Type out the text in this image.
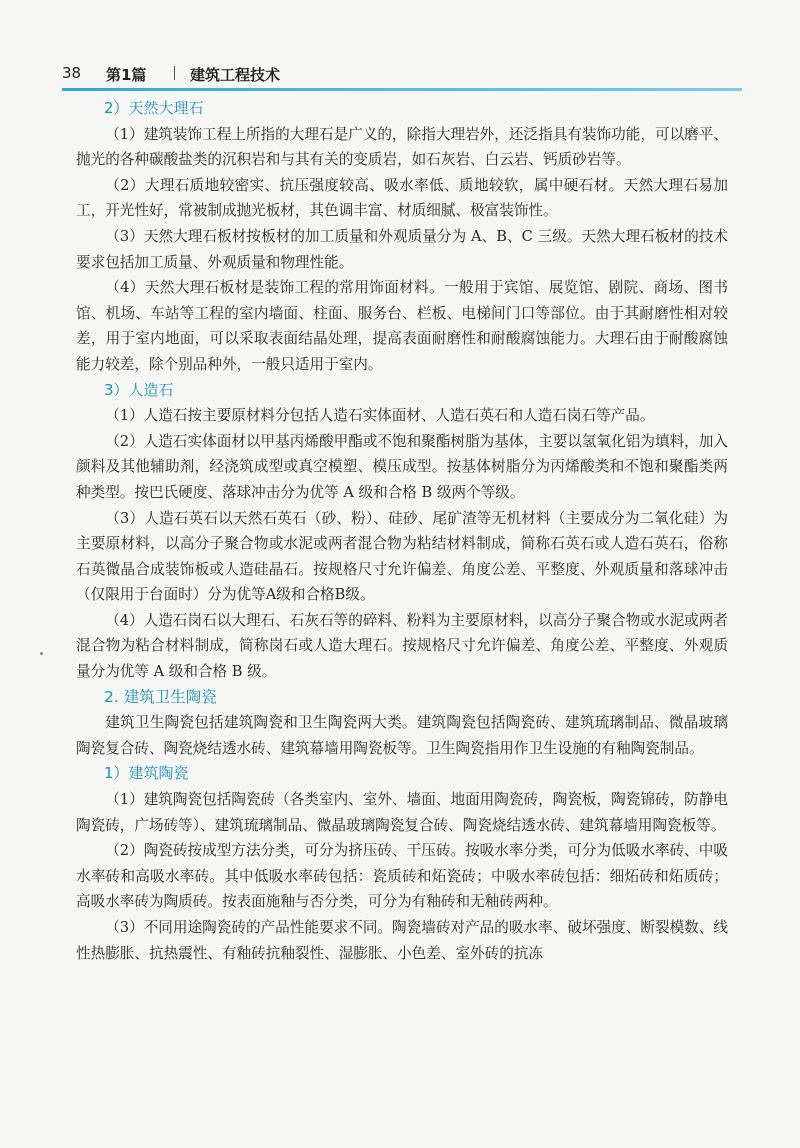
38 第1篇	建筑工程技术
2）天然大理石

（1）建筑装饰工程上所指的大理石是广义的，除指大理岩外，还泛指具有装饰功能，可以磨平、抛光的各种碳酸盐类的沉积岩和与其有关的变质岩，如石灰岩、白云岩、钙质砂岩等。

（2）大理石质地较密实、抗压强度较高、吸水率低、质地较软，属中硬石材。天然大理石易加工，开光性好，常被制成抛光板材，其色调丰富、材质细腻、极富装饰性。

（3）天然大理石板材按板材的加工质量和外观质量分为 A、B、C 三级。天然大理石板材的技术要求包括加工质量、外观质量和物理性能。

（4）天然大理石板材是装饰工程的常用饰面材料。一般用于宾馆、展览馆、剧院、商场、图书馆、机场、车站等工程的室内墙面、柱面、服务台、栏板、电梯间门口等部位。由于其耐磨性相对较差，用于室内地面，可以采取表面结晶处理，提高表面耐磨性和耐酸腐蚀能力。大理石由于耐酸腐蚀能力较差，除个别品种外，一般只适用于室内。

3）人造石

（1）人造石按主要原材料分包括人造石实体面材、人造石英石和人造石岗石等产品。

（2）人造石实体面材以甲基丙烯酸甲酯或不饱和聚酯树脂为基体，主要以氢氧化铝为填料，加入颜料及其他辅助剂，经浇筑成型或真空模塑、模压成型。按基体树脂分为丙烯酸类和不饱和聚酯类两种类型。按巴氏硬度、落球冲击分为优等 A 级和合格 B 级两个等级。

（3）人造石英石以天然石英石（砂、粉）、硅砂、尾矿渣等无机材料（主要成分为二氧化硅）为主要原材料，以高分子聚合物或水泥或两者混合物为粘结材料制成，简称石英石或人造石英石，俗称石英微晶合成装饰板或人造硅晶石。按规格尺寸允许偏差、角度公差、平整度、外观质量和落球冲击（仅限用于台面时）分为优等A级和合格B级。

（4）人造石岗石以大理石、石灰石等的碎料、粉料为主要原材料，以高分子聚合物或水泥或两者混合物为粘合材料制成，简称岗石或人造大理石。按规格尺寸允许偏差、角度公差、平整度、外观质量分为优等 A 级和合格 B 级。

2. 建筑卫生陶瓷

建筑卫生陶瓷包括建筑陶瓷和卫生陶瓷两大类。建筑陶瓷包括陶瓷砖、建筑琉璃制品、微晶玻璃陶瓷复合砖、陶瓷烧结透水砖、建筑幕墙用陶瓷板等。卫生陶瓷指用作卫生设施的有釉陶瓷制品。

1）建筑陶瓷

（1）建筑陶瓷包括陶瓷砖（各类室内、室外、墙面、地面用陶瓷砖，陶瓷板，陶瓷锦砖，防静电陶瓷砖，广场砖等）、建筑琉璃制品、微晶玻璃陶瓷复合砖、陶瓷烧结透水砖、建筑幕墙用陶瓷板等。

（2）陶瓷砖按成型方法分类，可分为挤压砖、干压砖。按吸水率分类，可分为低吸水率砖、中吸水率砖和高吸水率砖。其中低吸水率砖包括：瓷质砖和炻瓷砖；中吸水率砖包括：细炻砖和炻质砖；高吸水率砖为陶质砖。按表面施釉与否分类，可分为有釉砖和无釉砖两种。

（3）不同用途陶瓷砖的产品性能要求不同。陶瓷墙砖对产品的吸水率、破坏强度、断裂模数、线性热膨胀、抗热震性、有釉砖抗釉裂性、湿膨胀、小色差、室外砖的抗冻
